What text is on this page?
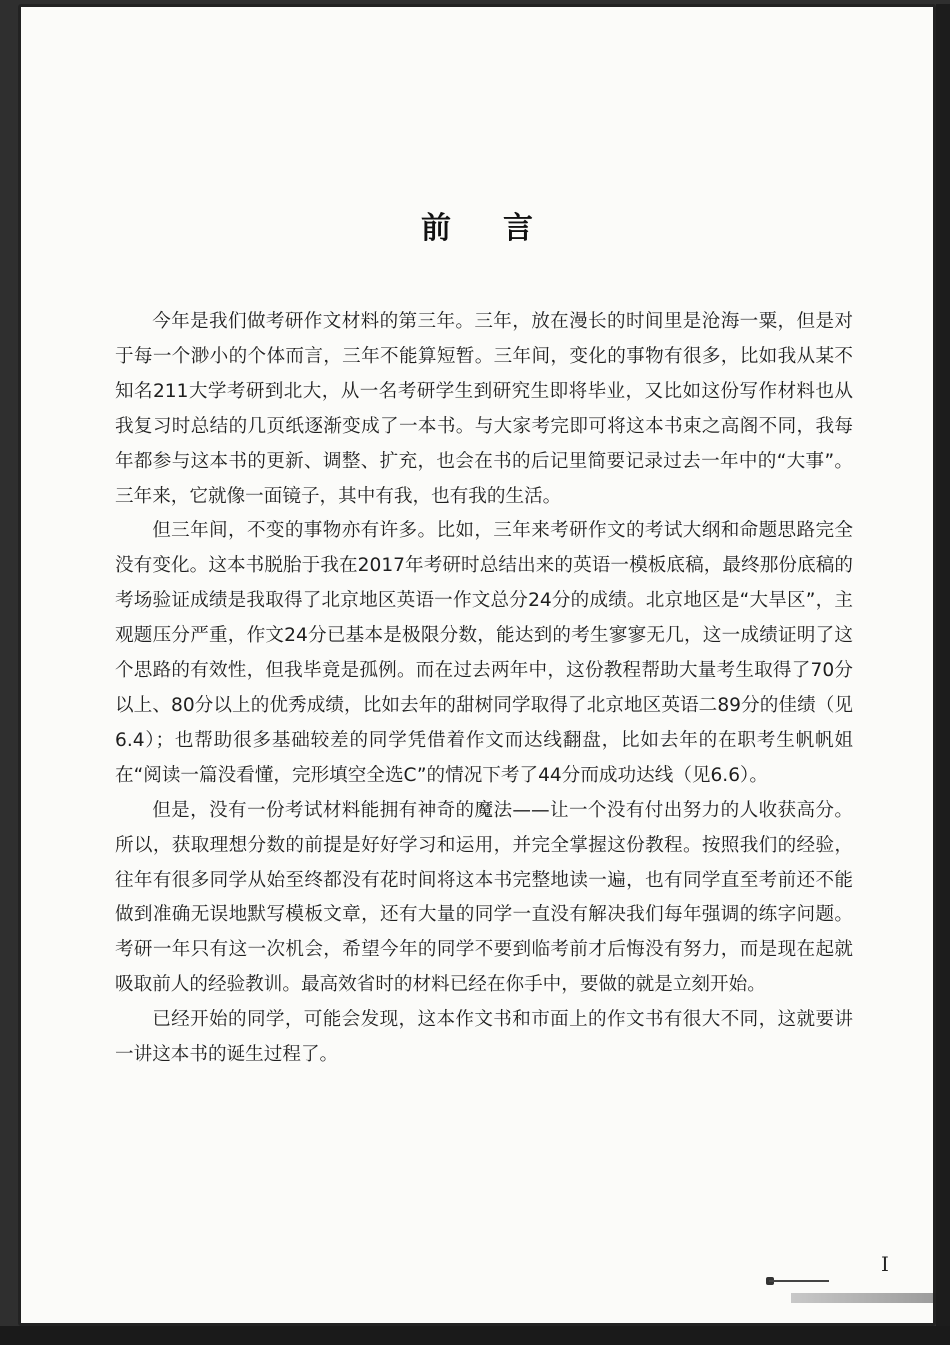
前言

今年是我们做考研作文材料的第三年。三年，放在漫长的时间里是沧海一粟，但是对于每一个渺小的个体而言，三年不能算短暂。三年间，变化的事物有很多，比如我从某不知名211大学考研到北大，从一名考研学生到研究生即将毕业，又比如这份写作材料也从我复习时总结的几页纸逐渐变成了一本书。与大家考完即可将这本书束之高阁不同，我每年都参与这本书的更新、调整、扩充，也会在书的后记里简要记录过去一年中的“大事”。三年来，它就像一面镜子，其中有我，也有我的生活。

但三年间，不变的事物亦有许多。比如，三年来考研作文的考试大纲和命题思路完全没有变化。这本书脱胎于我在2017年考研时总结出来的英语一模板底稿，最终那份底稿的考场验证成绩是我取得了北京地区英语一作文总分24分的成绩。北京地区是“大旱区”，主观题压分严重，作文24分已基本是极限分数，能达到的考生寥寥无几，这一成绩证明了这个思路的有效性，但我毕竟是孤例。而在过去两年中，这份教程帮助大量考生取得了70分以上、80分以上的优秀成绩，比如去年的甜树同学取得了北京地区英语二89分的佳绩（见6.4）；也帮助很多基础较差的同学凭借着作文而达线翻盘，比如去年的在职考生帆帆姐在“阅读一篇没看懂，完形填空全选C”的情况下考了44分而成功达线（见6.6）。

但是，没有一份考试材料能拥有神奇的魔法——让一个没有付出努力的人收获高分。所以，获取理想分数的前提是好好学习和运用，并完全掌握这份教程。按照我们的经验，往年有很多同学从始至终都没有花时间将这本书完整地读一遍，也有同学直至考前还不能做到准确无误地默写模板文章，还有大量的同学一直没有解决我们每年强调的练字问题。考研一年只有这一次机会，希望今年的同学不要到临考前才后悔没有努力，而是现在起就吸取前人的经验教训。最高效省时的材料已经在你手中，要做的就是立刻开始。

已经开始的同学，可能会发现，这本作文书和市面上的作文书有很大不同，这就要讲一讲这本书的诞生过程了。

I
